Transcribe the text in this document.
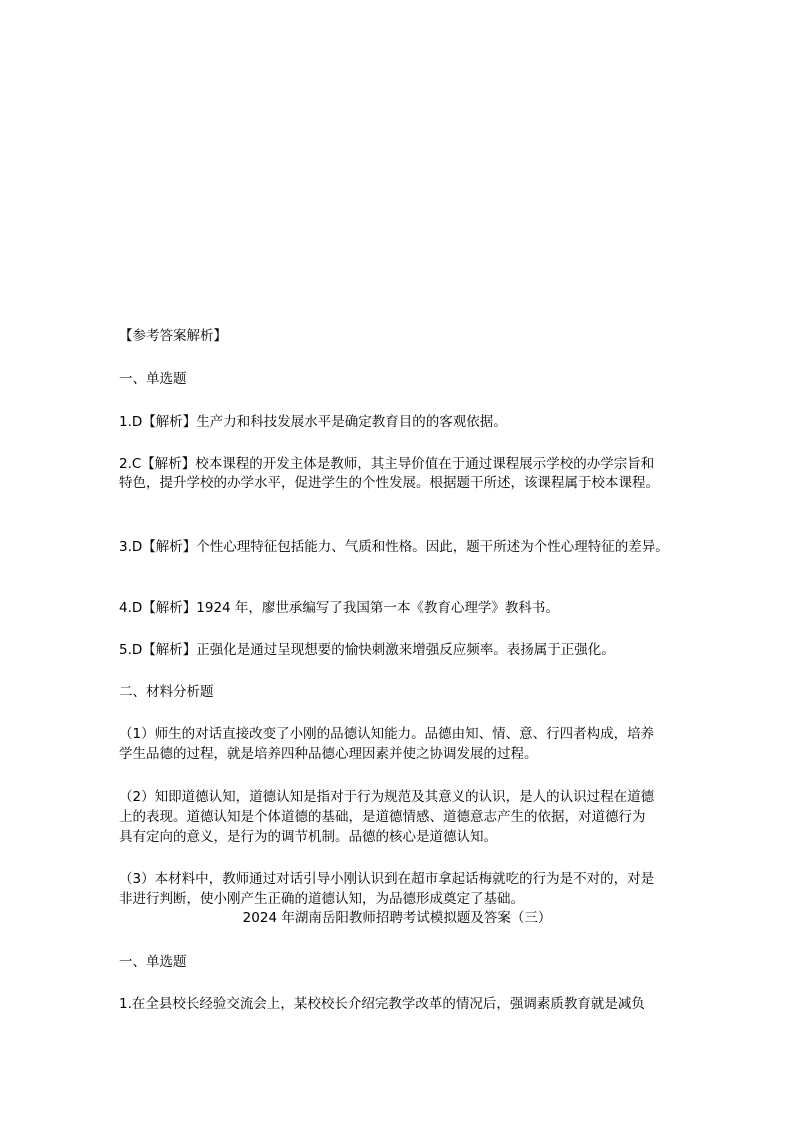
【参考答案解析】
一、单选题
1.D【解析】生产力和科技发展水平是确定教育目的的客观依据。
2.C【解析】校本课程的开发主体是教师，其主导价值在于通过课程展示学校的办学宗旨和
特色，提升学校的办学水平，促进学生的个性发展。根据题干所述，该课程属于校本课程。
3.D【解析】个性心理特征包括能力、气质和性格。因此，题干所述为个性心理特征的差异。
4.D【解析】1924 年，廖世承编写了我国第一本《教育心理学》教科书。
5.D【解析】正强化是通过呈现想要的愉快刺激来增强反应频率。表扬属于正强化。
二、材料分析题
（1）师生的对话直接改变了小刚的品德认知能力。品德由知、情、意、行四者构成，培养
学生品德的过程，就是培养四种品德心理因素并使之协调发展的过程。
（2）知即道德认知，道德认知是指对于行为规范及其意义的认识，是人的认识过程在道德
上的表现。道德认知是个体道德的基础，是道德情感、道德意志产生的依据，对道德行为
具有定向的意义，是行为的调节机制。品德的核心是道德认知。
（3）本材料中，教师通过对话引导小刚认识到在超市拿起话梅就吃的行为是不对的，对是
非进行判断，使小刚产生正确的道德认知，为品德形成奠定了基础。
2024 年湖南岳阳教师招聘考试模拟题及答案（三）
一、单选题
1.在全县校长经验交流会上，某校校长介绍完教学改革的情况后，强调素质教育就是减负
